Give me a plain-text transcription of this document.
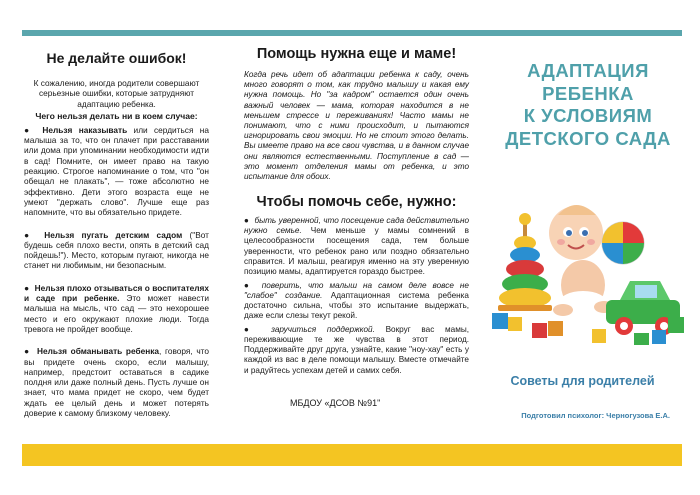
Не делайте ошибок!
К сожалению, иногда родители совершают серьезные ошибки, которые затрудняют адаптацию ребенка.
Чего нельзя делать ни в коем случае:
● Нельзя наказывать или сердиться на малыша за то, что он плачет при расставании или дома при упоминании необходимости идти в сад! Помните, он имеет право на такую реакцию. Строгое напоминание о том, что "он обещал не плакать", — тоже абсолютно не эффективно. Дети этого возраста еще не умеют "держать слово". Лучше еще раз напомните, что вы обязательно придете.
● Нельзя пугать детским садом ("Вот будешь себя плохо вести, опять в детский сад пойдешь!"). Место, которым пугают, никогда не станет ни любимым, ни безопасным.
● Нельзя плохо отзываться о воспитателях и саде при ребенке. Это может навести малыша на мысль, что сад — это нехорошее место и его окружают плохие люди. Тогда тревога не пройдет вообще.
● Нельзя обманывать ребенка, говоря, что вы придете очень скоро, если малышу, например, предстоит оставаться в садике полдня или даже полный день. Пусть лучше он знает, что мама придет не скоро, чем будет ждать ее целый день и может потерять доверие к самому близкому человеку.
Помощь нужна еще и маме!
Когда речь идет об адаптации ребенка к саду, очень много говорят о том, как трудно малышу и какая ему нужна помощь. Но "за кадром" остается один очень важный человек — мама, которая находится в не меньшем стрессе и переживаниях! Часто мамы не понимают, что с ними происходит, и пытаются игнорировать свои эмоции. Но не стоит этого делать. Вы имеете право на все свои чувства, и в данном случае они являются естественными. Поступление в сад — это момент отделения мамы от ребенка, и это испытание для обоих.
Чтобы помочь себе, нужно:
● быть уверенной, что посещение сада действительно нужно семье. Чем меньше у мамы сомнений в целесообразности посещения сада, тем больше уверенности, что ребенок рано или поздно обязательно справится. И малыш, реагируя именно на эту уверенную позицию мамы, адаптируется гораздо быстрее.
● поверить, что малыш на самом деле вовсе не "слабое" создание. Адаптационная система ребенка достаточно сильна, чтобы это испытание выдержать, даже если слезы текут рекой.
● заручиться поддержкой. Вокруг вас мамы, переживающие те же чувства в этот период. Поддерживайте друг друга, узнайте, какие "ноу-хау" есть у каждой из вас в деле помощи малышу. Вместе отмечайте и радуйтесь успехам детей и самих себя.
МБДОУ «ДСОВ №91"
АДАПТАЦИЯ
РЕБЕНКА
К УСЛОВИЯМ
ДЕТСКОГО САДА
Советы для родителей
Подготовил психолог: Черногузова Е.А.
